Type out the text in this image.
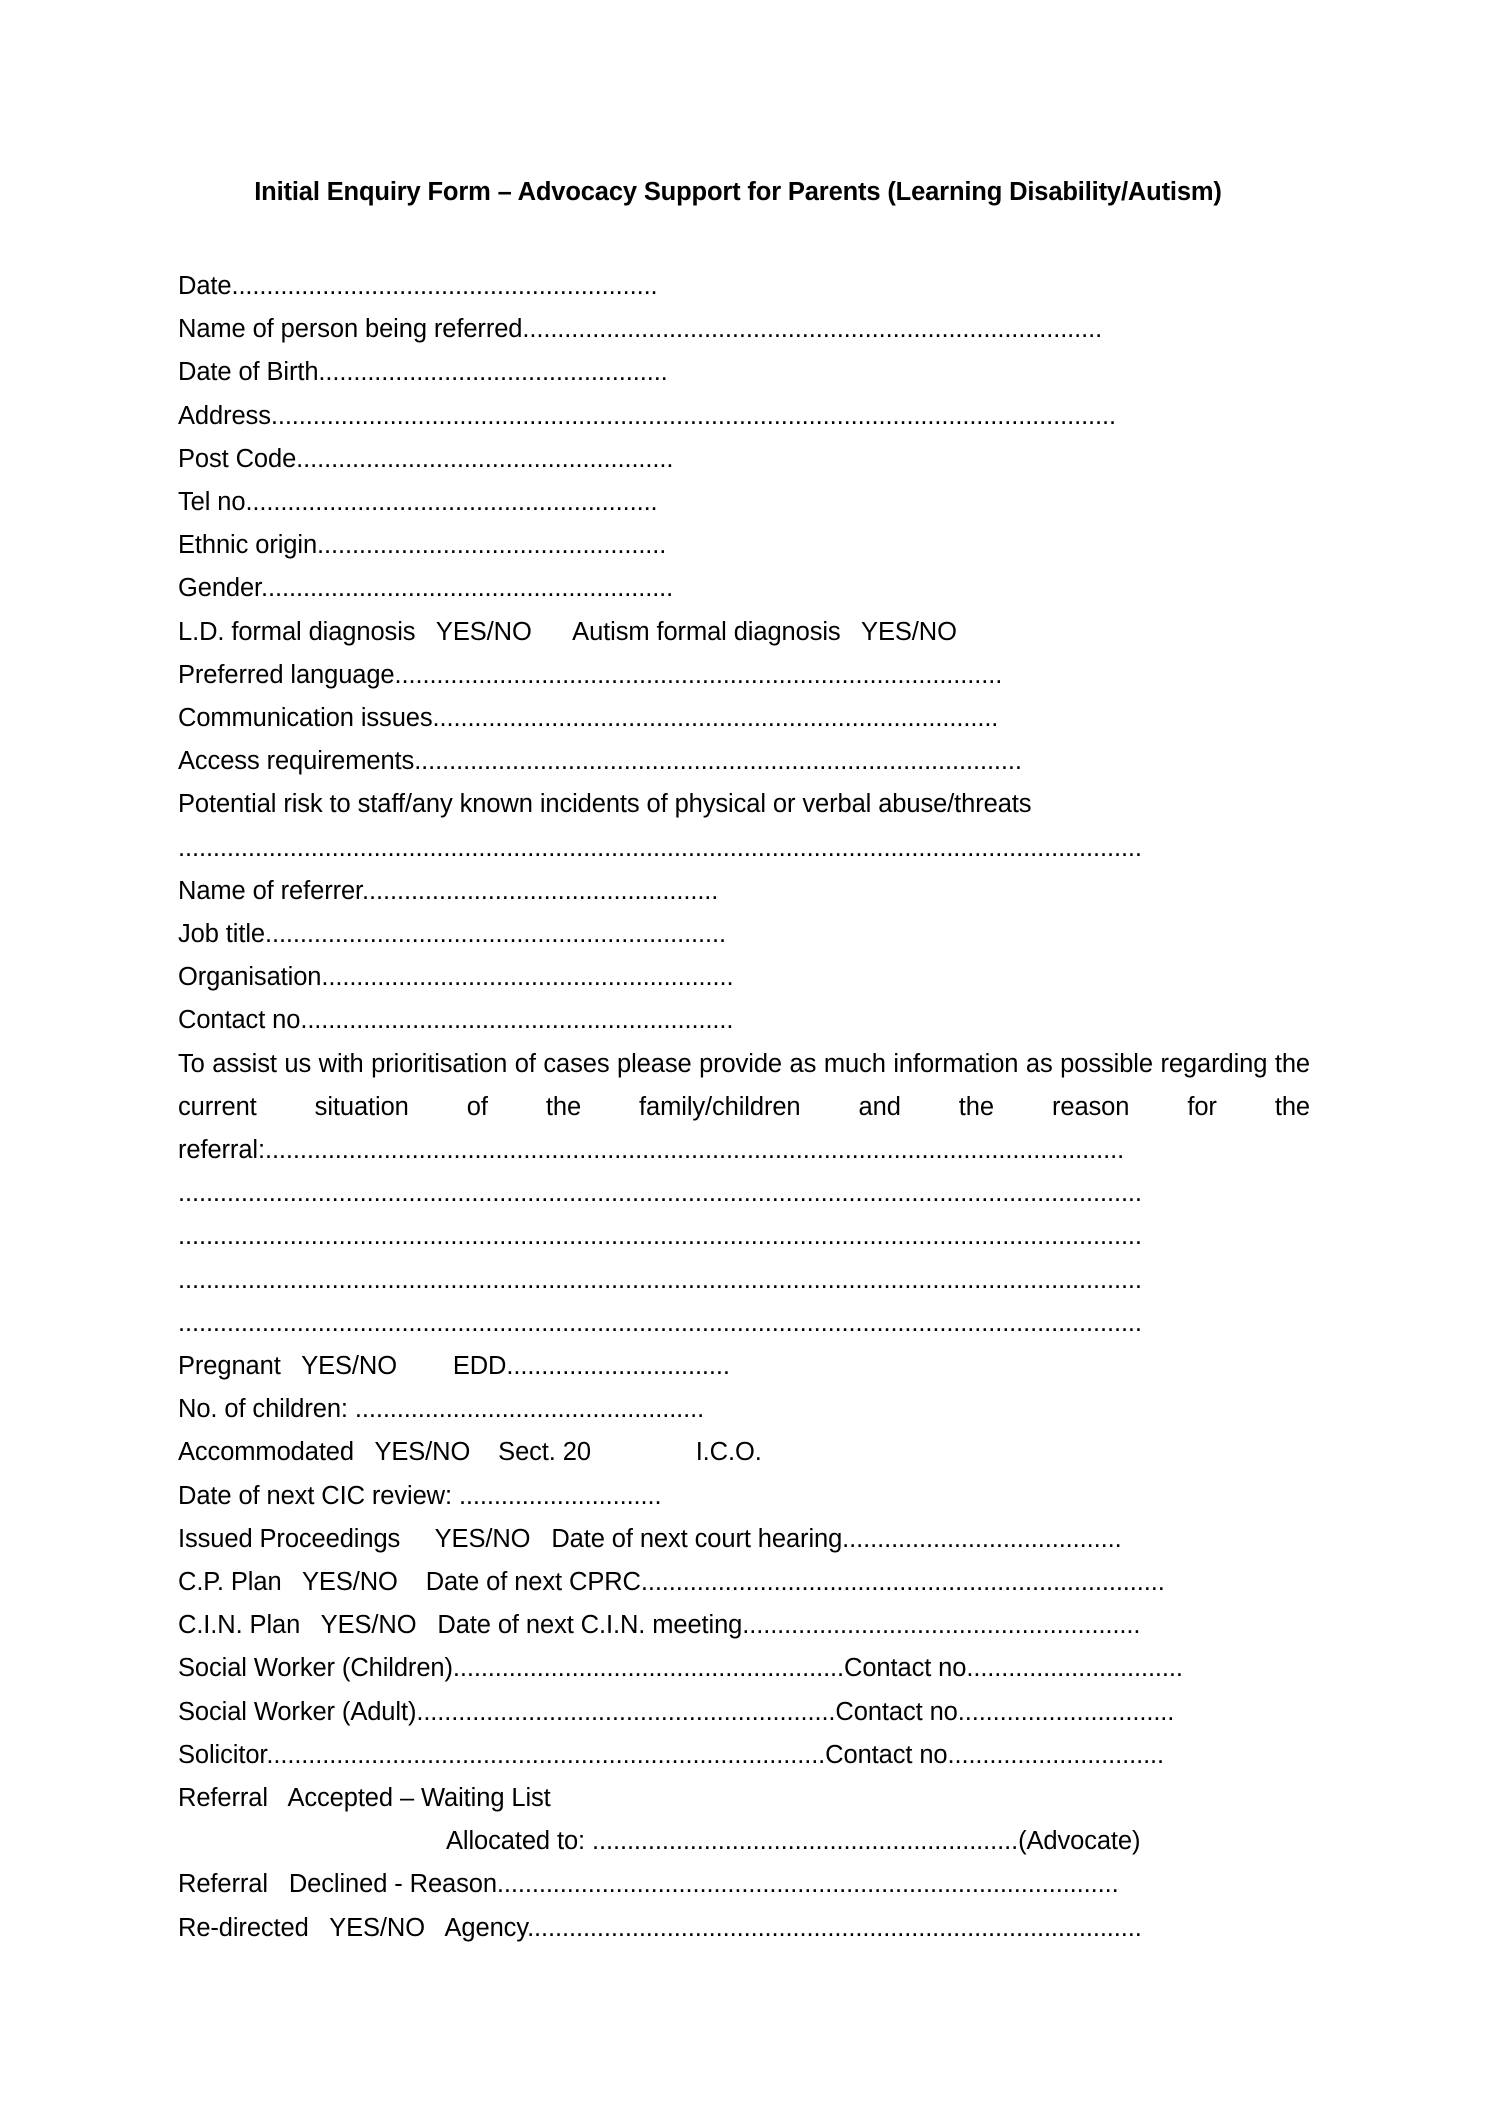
Initial Enquiry Form – Advocacy Support for Parents (Learning Disability/Autism)
Date.............................................................
Name of person being referred...................................................................................
Date of Birth..................................................
Address.........................................................................................................................
Post Code......................................................
Tel no...........................................................
Ethnic origin..................................................
Gender...........................................................
L.D. formal diagnosis   YES/NO      Autism formal diagnosis   YES/NO
Preferred language.......................................................................................
Communication issues.................................................................................
Access requirements.......................................................................................
Potential risk to staff/any known incidents of physical or verbal abuse/threats
..........................................................................................................................................
Name of referrer...................................................
Job title..................................................................
Organisation...........................................................
Contact no..............................................................
To assist us with prioritisation of cases please provide as much information as possible regarding the current situation of the family/children and the reason for the referral:...........................................................................................................................
..........................................................................................................................................
..........................................................................................................................................
..........................................................................................................................................
..........................................................................................................................................
Pregnant   YES/NO        EDD................................
No. of children: ..................................................
Accommodated   YES/NO    Sect. 20               I.C.O.
Date of next CIC review: .............................
Issued Proceedings     YES/NO   Date of next court hearing........................................
C.P. Plan   YES/NO    Date of next CPRC...........................................................................
C.I.N. Plan   YES/NO   Date of next C.I.N. meeting.........................................................
Social Worker (Children)........................................................Contact no...............................
Social Worker (Adult)............................................................Contact no...............................
Solicitor................................................................................Contact no...............................
Referral   Accepted – Waiting List
Allocated to: .............................................................(Advocate)
Referral   Declined - Reason.........................................................................................
Re-directed   YES/NO   Agency........................................................................................
